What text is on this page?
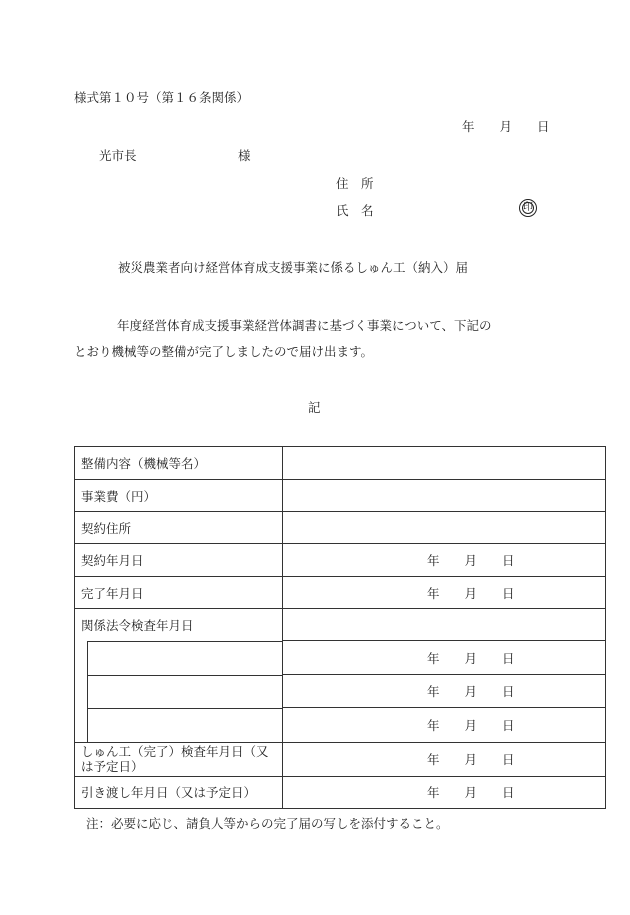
様式第１０号（第１６条関係）
年　　月　　日
光市長	様
住　所
氏　名	印
被災農業者向け経営体育成支援事業に係るしゅん工（納入）届
　　年度経営体育成支援事業経営体調書に基づく事業について、下記の
とおり機械等の整備が完了しましたので届け出ます。
記
整備内容（機械等名）	
事業費（円）	
契約住所	
契約年月日	年　　月　　日
完了年月日	年　　月　　日
関係法令検査年月日	

	年　　月　　日

	年　　月　　日

	年　　月　　日
しゅん工（完了）検査年月日（又は予定日）	年　　月　　日
引き渡し年月日（又は予定日）	年　　月　　日
注：必要に応じ、請負人等からの完了届の写しを添付すること。
